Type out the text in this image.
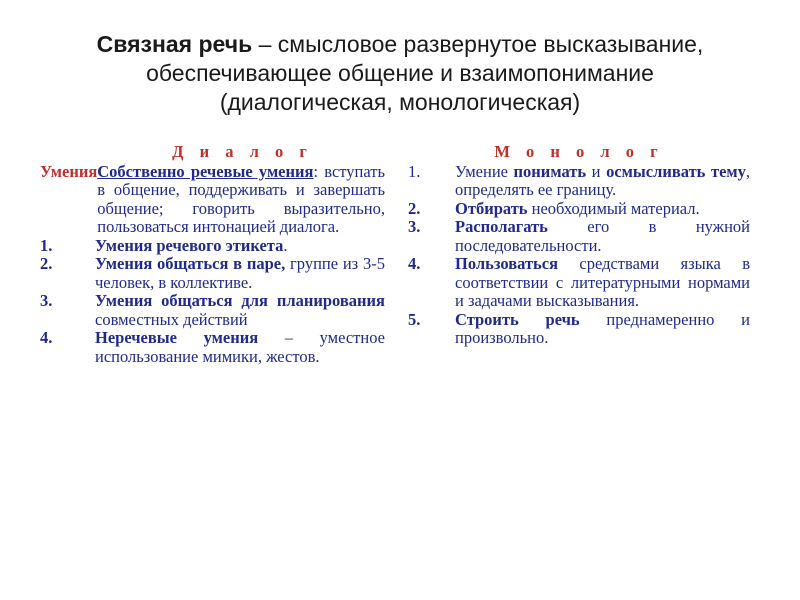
Связная речь – смысловое развернутое высказывание, обеспечивающее общение и взаимопонимание
(диалогическая, монологическая)
Д и а л о г
Умения Собственно речевые умения: вступать в общение, поддерживать и завершать общение; говорить выразительно, пользоваться интонацией диалога.
1.	Умения речевого этикета.
2.	Умения общаться в паре, группе из 3-5 человек, в коллективе.
3.	Умения общаться для планирования совместных действий
4.	Неречевые умения – уместное использование мимики, жестов.
М о н о л о г
1.	Умение понимать и осмысливать тему, определять ее границу.
2.	Отбирать необходимый материал.
3.	Располагать его в нужной последовательности.
4.	Пользоваться средствами языка в соответствии с литературными нормами и задачами высказывания.
5.	Строить речь преднамеренно и произвольно.
